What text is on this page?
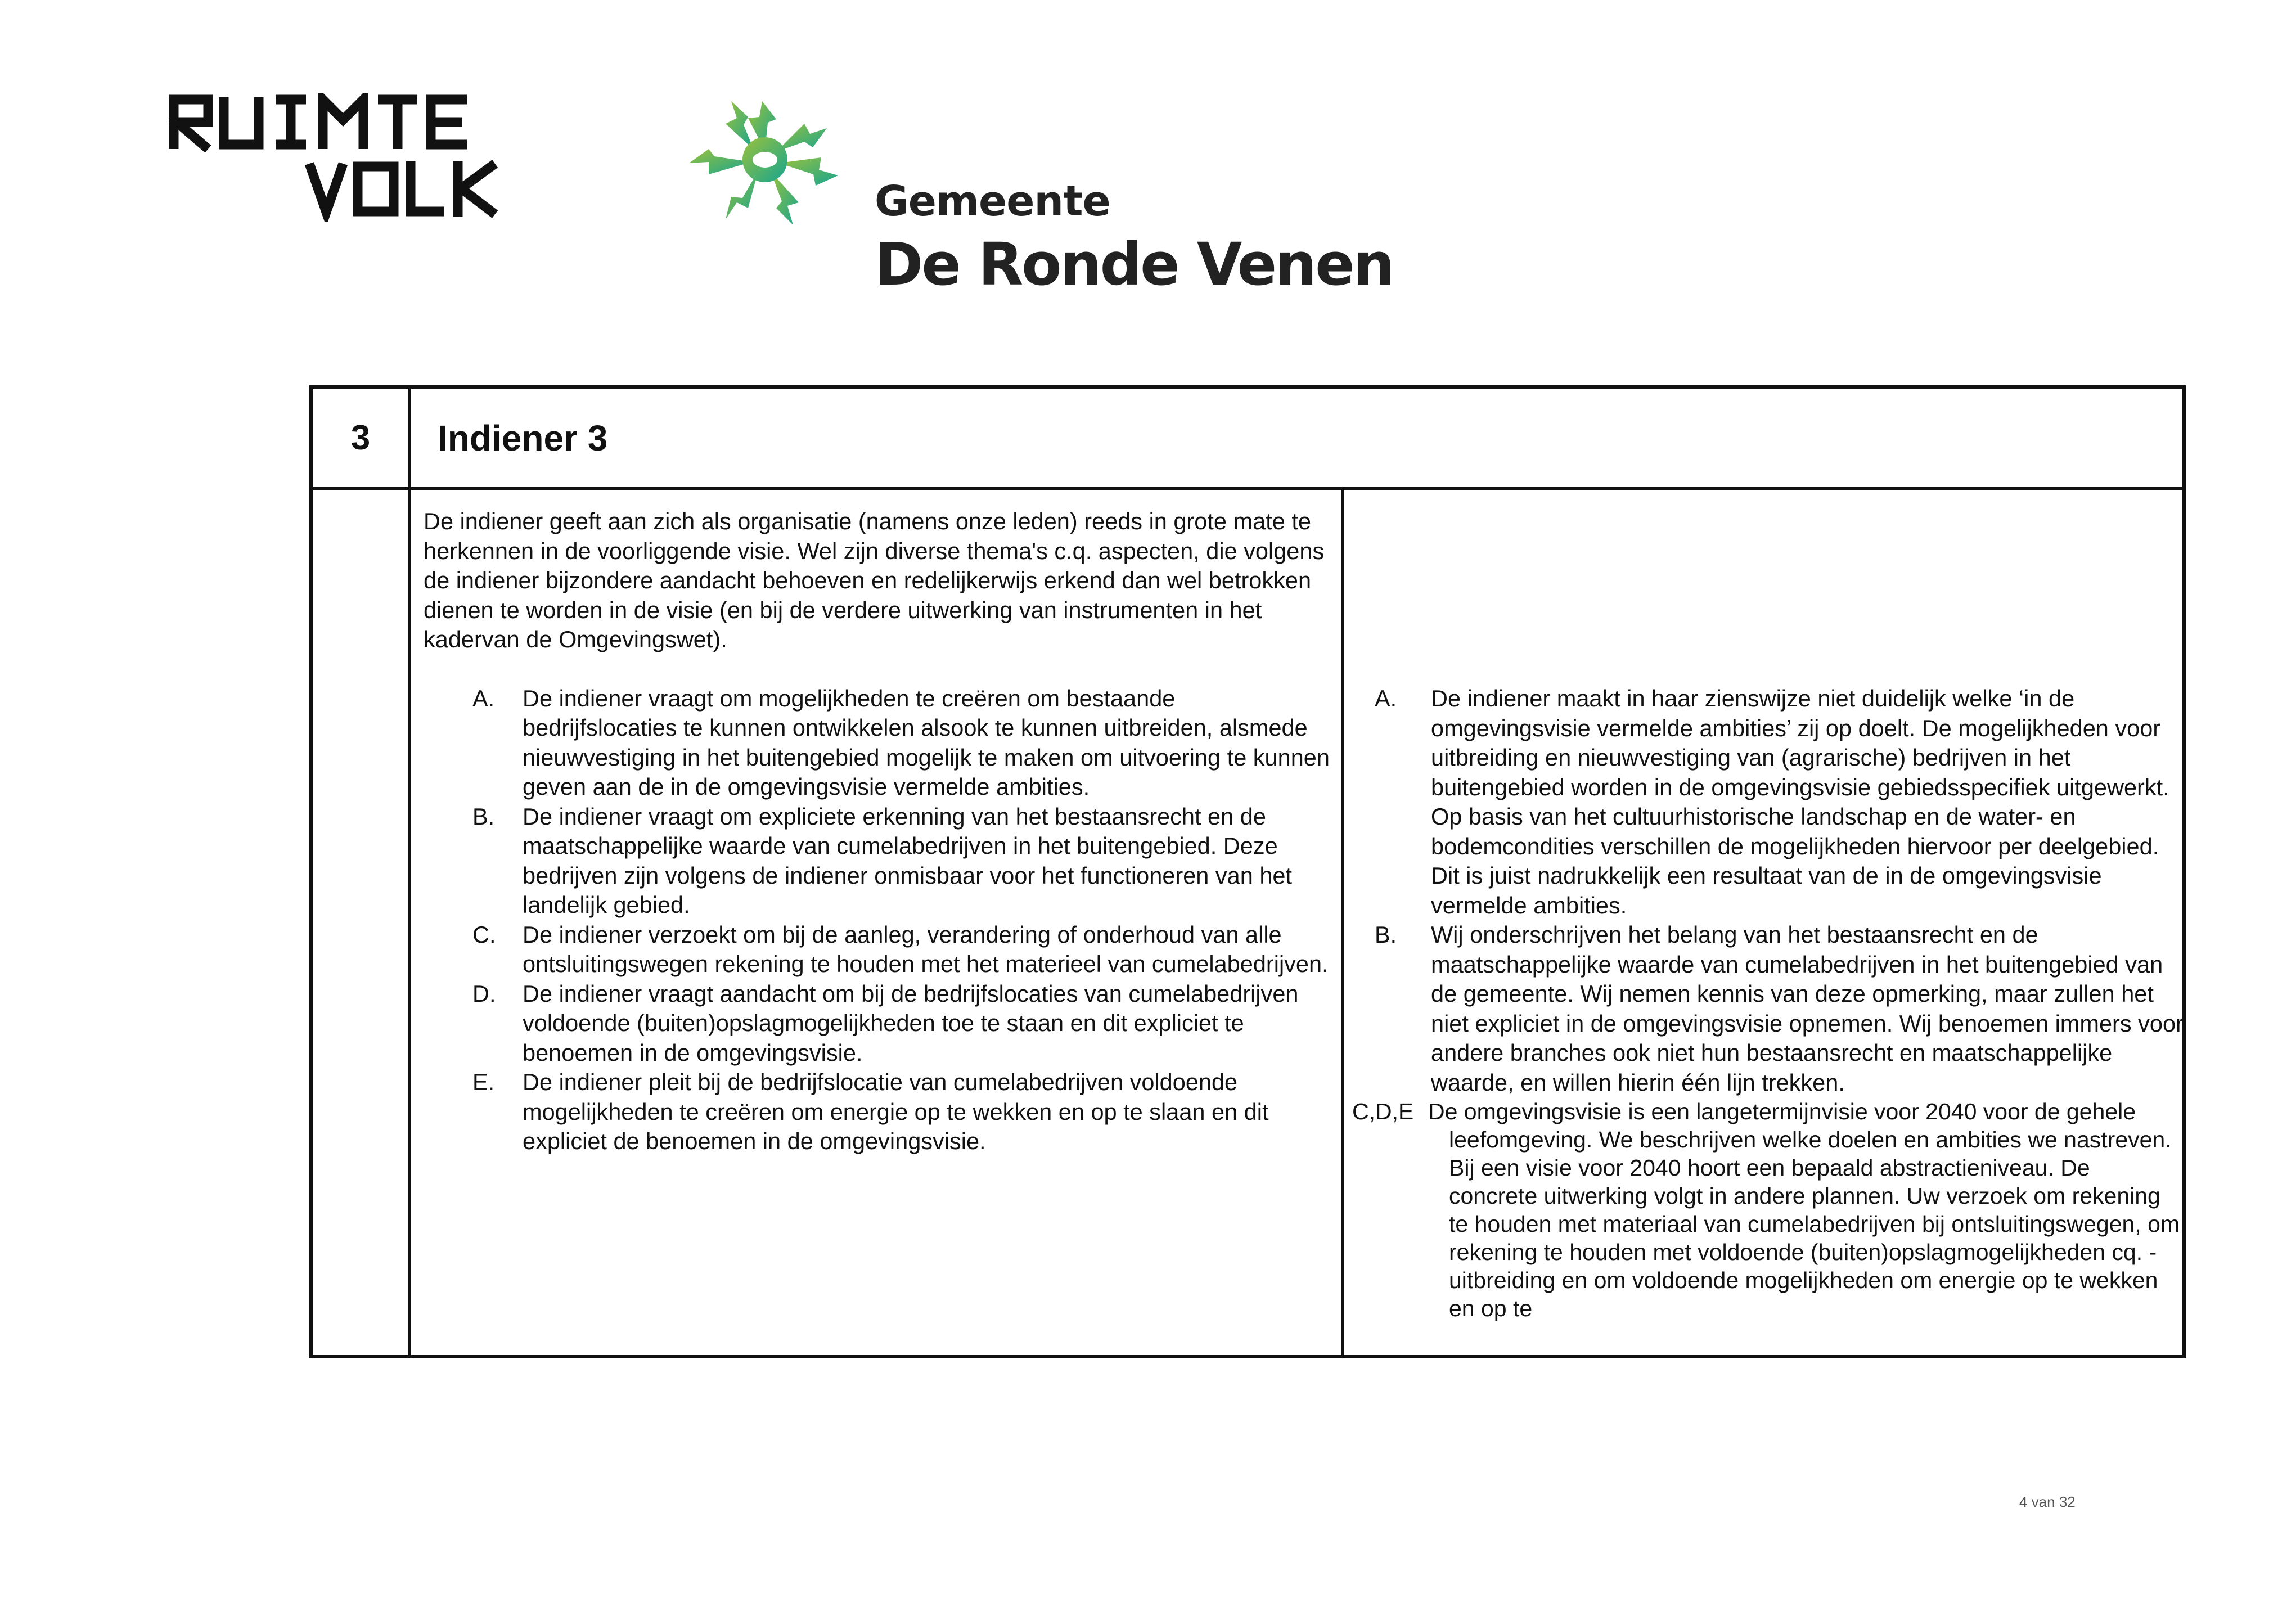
Gemeente
De Ronde Venen
3	Indiener 3

De indiener geeft aan zich als organisatie (namens onze leden) reeds in grote mate te herkennen in de voorliggende visie. Wel zijn diverse thema's c.q. aspecten, die volgens de indiener bijzondere aandacht behoeven en redelijkerwijs erkend dan wel betrokken dienen te worden in de visie (en bij de verdere uitwerking van instrumenten in het kadervan de Omgevingswet).

A. De indiener vraagt om mogelijkheden te creëren om bestaande bedrijfslocaties te kunnen ontwikkelen alsook te kunnen uitbreiden, alsmede nieuwvestiging in het buitengebied mogelijk te maken om uitvoering te kunnen geven aan de in de omgevingsvisie vermelde ambities.
B. De indiener vraagt om expliciete erkenning van het bestaansrecht en de maatschappelijke waarde van cumelabedrijven in het buitengebied. Deze bedrijven zijn volgens de indiener onmisbaar voor het functioneren van het landelijk gebied.
C. De indiener verzoekt om bij de aanleg, verandering of onderhoud van alle ontsluitingswegen rekening te houden met het materieel van cumelabedrijven.
D. De indiener vraagt aandacht om bij de bedrijfslocaties van cumelabedrijven voldoende (buiten)opslagmogelijkheden toe te staan en dit expliciet te benoemen in de omgevingsvisie.
E. De indiener pleit bij de bedrijfslocatie van cumelabedrijven voldoende mogelijkheden te creëren om energie op te wekken en op te slaan en dit expliciet de benoemen in de omgevingsvisie.
A. De indiener maakt in haar zienswijze niet duidelijk welke ‘in de omgevingsvisie vermelde ambities’ zij op doelt. De mogelijkheden voor uitbreiding en nieuwvestiging van (agrarische) bedrijven in het buitengebied worden in de omgevingsvisie gebiedsspecifiek uitgewerkt. Op basis van het cultuurhistorische landschap en de water- en bodemcondities verschillen de mogelijkheden hiervoor per deelgebied. Dit is juist nadrukkelijk een resultaat van de in de omgevingsvisie vermelde ambities.
B. Wij onderschrijven het belang van het bestaansrecht en de maatschappelijke waarde van cumelabedrijven in het buitengebied van de gemeente. Wij nemen kennis van deze opmerking, maar zullen het niet expliciet in de omgevingsvisie opnemen. Wij benoemen immers voor andere branches ook niet hun bestaansrecht en maatschappelijke waarde, en willen hierin één lijn trekken.
C,D,E De omgevingsvisie is een langetermijnvisie voor 2040 voor de gehele leefomgeving. We beschrijven welke doelen en ambities we nastreven. Bij een visie voor 2040 hoort een bepaald abstractieniveau. De concrete uitwerking volgt in andere plannen. Uw verzoek om rekening te houden met materiaal van cumelabedrijven bij ontsluitingswegen, om rekening te houden met voldoende (buiten)opslagmogelijkheden cq. -uitbreiding en om voldoende mogelijkheden om energie op te wekken en op te
4 van 32
